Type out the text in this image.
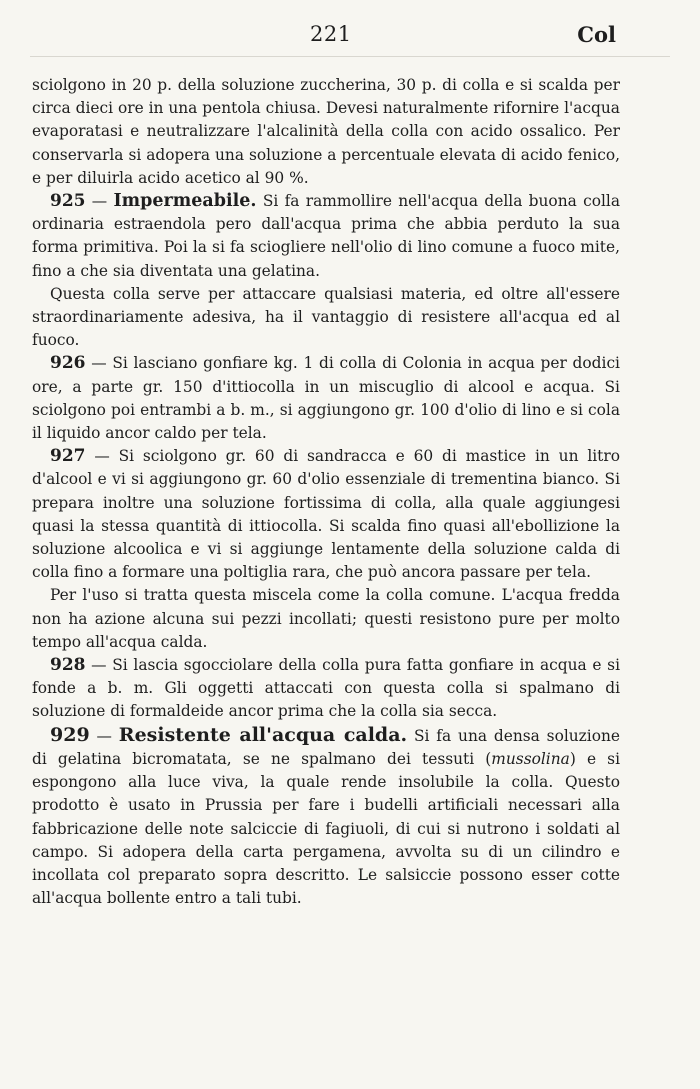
221	Col

sciolgono in 20 p. della soluzione zuccherina, 30 p. di colla e si scalda per circa dieci ore in una pentola chiusa. Devesi naturalmente rifornire l'acqua evaporatasi e neutralizzare l'alcalinità della colla con acido ossalico. Per conservarla si adopera una soluzione a percentuale elevata di acido fenico, e per diluirla acido acetico al 90 %.

925 — Impermeabile. Si fa rammollire nell'acqua della buona colla ordinaria estraendola pero dall'acqua prima che abbia perduto la sua forma primitiva. Poi la si fa sciogliere nell'olio di lino comune a fuoco mite, fino a che sia diventata una gelatina.

Questa colla serve per attaccare qualsiasi materia, ed oltre all'essere straordinariamente adesiva, ha il vantaggio di resistere all'acqua ed al fuoco.

926 — Si lasciano gonfiare kg. 1 di colla di Colonia in acqua per dodici ore, a parte gr. 150 d'ittiocolla in un miscuglio di alcool e acqua. Si sciolgono poi entrambi a b. m., si aggiungono gr. 100 d'olio di lino e si cola il liquido ancor caldo per tela.

927 — Si sciolgono gr. 60 di sandracca e 60 di mastice in un litro d'alcool e vi si aggiungono gr. 60 d'olio essenziale di trementina bianco. Si prepara inoltre una soluzione fortissima di colla, alla quale aggiungesi quasi la stessa quantità di ittiocolla. Si scalda fino quasi all'ebollizione la soluzione alcoolica e vi si aggiunge lentamente della soluzione calda di colla fino a formare una poltiglia rara, che può ancora passare per tela.

Per l'uso si tratta questa miscela come la colla comune. L'acqua fredda non ha azione alcuna sui pezzi incollati; questi resistono pure per molto tempo all'acqua calda.

928 — Si lascia sgocciolare della colla pura fatta gonfiare in acqua e si fonde a b. m. Gli oggetti attaccati con questa colla si spalmano di soluzione di formaldeide ancor prima che la colla sia secca.

929 — Resistente all'acqua calda. Si fa una densa soluzione di gelatina bicromatata, se ne spalmano dei tessuti (mussolina) e si espongono alla luce viva, la quale rende insolubile la colla. Questo prodotto è usato in Prussia per fare i budelli artificiali necessari alla fabbricazione delle note salciccie di fagiuoli, di cui si nutrono i soldati al campo. Si adopera della carta pergamena, avvolta su di un cilindro e incollata col preparato sopra descritto. Le salsiccie possono esser cotte all'acqua bollente entro a tali tubi.
